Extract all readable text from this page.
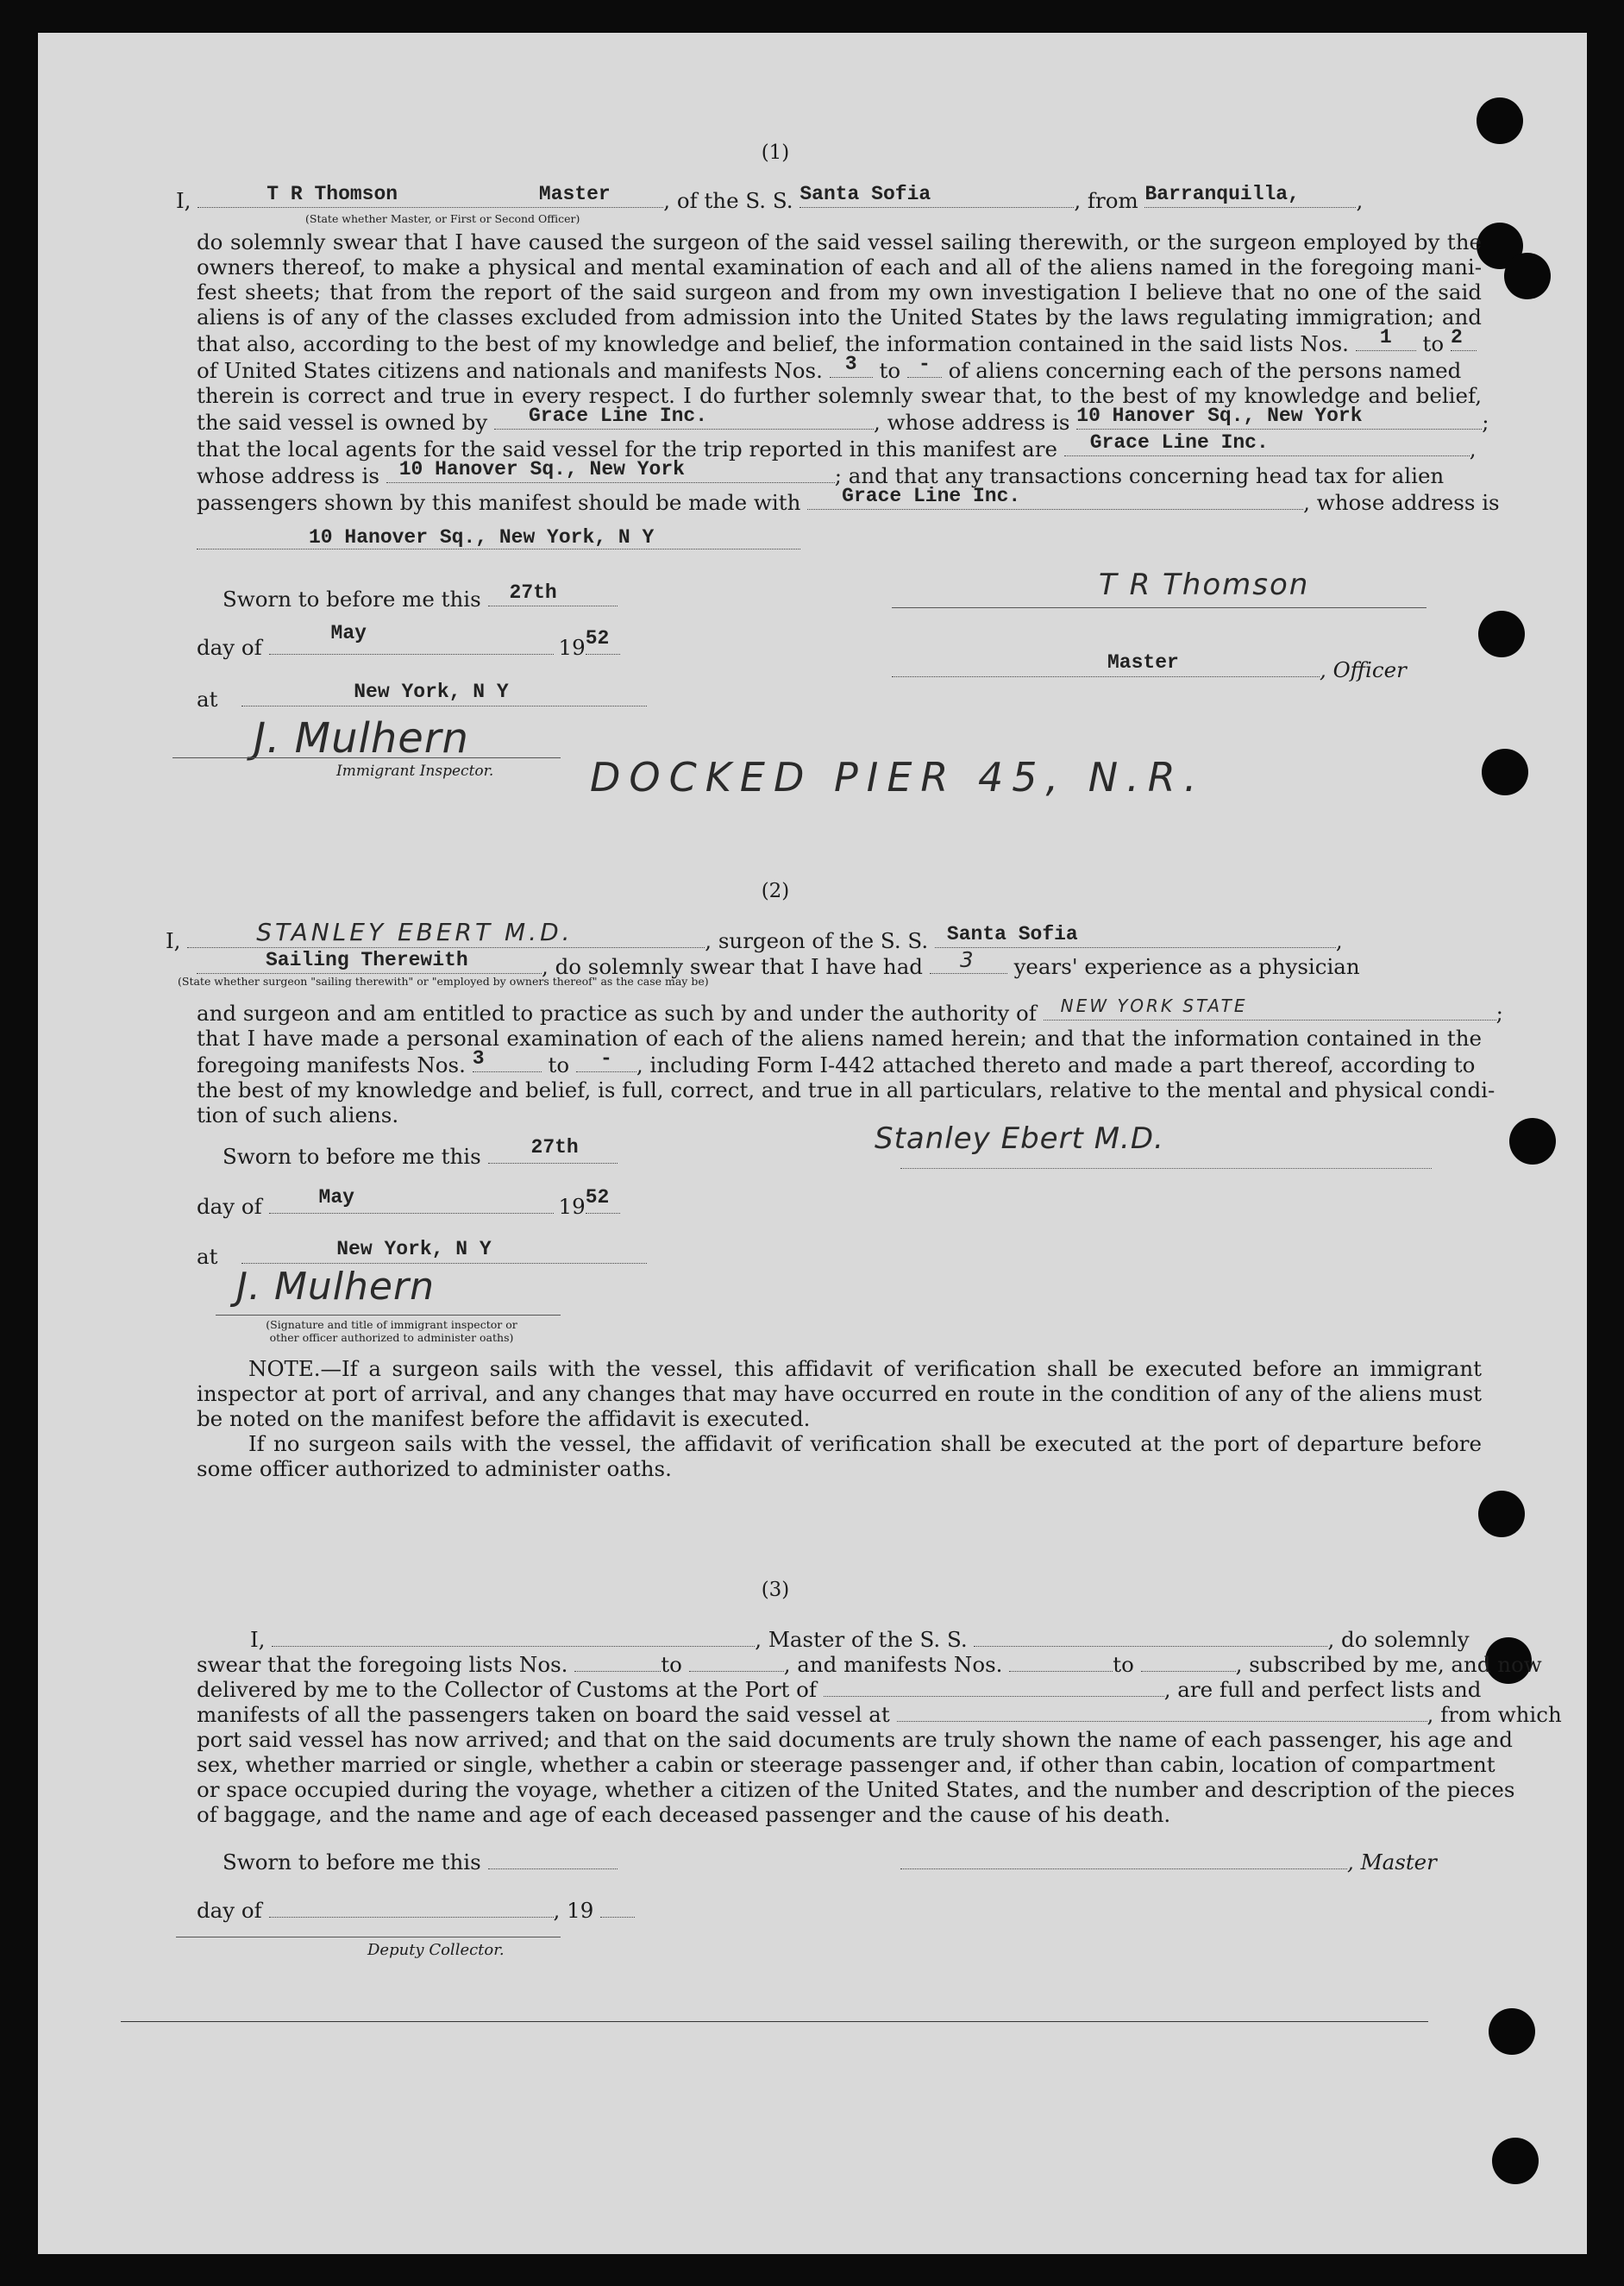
(1)
I,	T R Thomson	Master	, of the S. S. Santa Sofia	, from Barranquilla,	,
(State whether Master, or First or Second Officer)
do solemnly swear that I have caused the surgeon of the said vessel sailing therewith, or the surgeon employed by the
owners thereof, to make a physical and mental examination of each and all of the aliens named in the foregoing mani-
fest sheets; that from the report of the said surgeon and from my own investigation I believe that no one of the said
aliens is of any of the classes excluded from admission into the United States by the laws regulating immigration; and
that also, according to the best of my knowledge and belief, the information contained in the said lists Nos.	1	to 2
of United States citizens and nationals and manifests Nos.	3	to - of aliens concerning each of the persons named
therein is correct and true in every respect. I do further solemnly swear that, to the best of my knowledge and belief,
the said vessel is owned by	Grace Line Inc.	, whose address is 10 Hanover Sq., New York	;
that the local agents for the said vessel for the trip reported in this manifest are	Grace Line Inc.	,
whose address is 10 Hanover Sq., New York	; and that any transactions concerning head tax for alien
passengers shown by this manifest should be made with	Grace Line Inc.	, whose address is
10 Hanover Sq., New York, N Y
Sworn to before me this	27th
day of
May
19 52
at	New York, N Y
T R Thomson
Master	, Officer
J. Mulhern
Immigrant Inspector. DOCKED PIER 45, N.R.
(2)
I,	STANLEY EBERT M.D.	, surgeon of the S. S. Santa Sofia	,
Sailing Therewith	, do solemnly swear that I have had	3	years' experience as a physician
(State whether surgeon "sailing therewith" or "employed by owners thereof" as the case may be)
and surgeon and am entitled to practice as such by and under the authority of	NEW YORK STATE	;
that I have made a personal examination of each of the aliens named herein; and that the information contained in the
foregoing manifests Nos. 3	to	-	, including Form I-442 attached thereto and made a part thereof, according to
the best of my knowledge and belief, is full, correct, and true in all particulars, relative to the mental and physical condi-
tion of such aliens.
Sworn to before me this	27th
day of	May	19 52
at	New York, N Y
Stanley Ebert M.D.
J. Mulhern
(Signature and title of immigrant inspector or
other officer authorized to administer oaths)
NOTE.—If a surgeon sails with the vessel, this affidavit of verification shall be executed before an immigrant
inspector at port of arrival, and any changes that may have occurred en route in the condition of any of the aliens must
be noted on the manifest before the affidavit is executed.
If no surgeon sails with the vessel, the affidavit of verification shall be executed at the port of departure before
some officer authorized to administer oaths.
(3)
I,	, Master of the S. S.	, do solemnly
swear that the foregoing lists Nos.	to	, and manifests Nos.	to	, subscribed by me, and now
delivered by me to the Collector of Customs at the Port of	, are full and perfect lists and
manifests of all the passengers taken on board the said vessel at	, from which
port said vessel has now arrived; and that on the said documents are truly shown the name of each passenger, his age and
sex, whether married or single, whether a cabin or steerage passenger and, if other than cabin, location of compartment
or space occupied during the voyage, whether a citizen of the United States, and the number and description of the pieces
of baggage, and the name and age of each deceased passenger and the cause of his death.
Sworn to before me this	, Master
day of	, 19
Deputy Collector.
